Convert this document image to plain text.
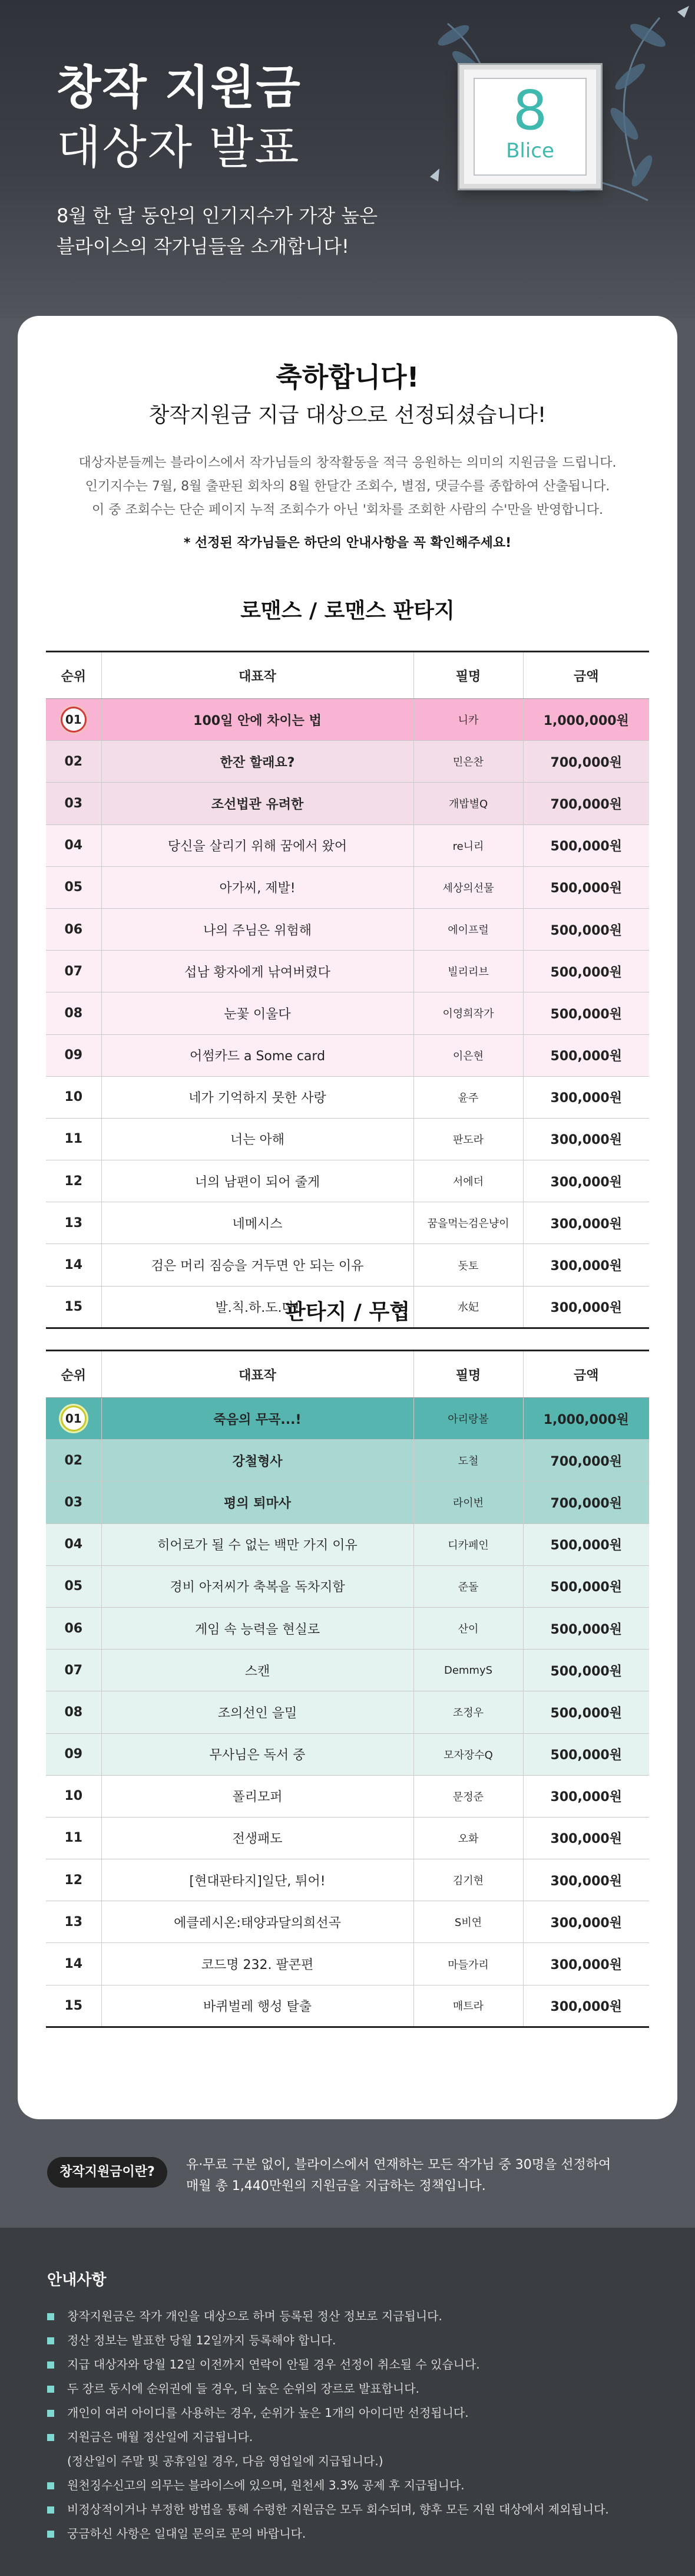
8
Blice
창작 지원금
대상자 발표
8월 한 달 동안의 인기지수가 가장 높은
블라이스의 작가님들을 소개합니다!
축하합니다!
창작지원금 지급 대상으로 선정되셨습니다!
대상자분들께는 블라이스에서 작가님들의 창작활동을 적극 응원하는 의미의 지원금을 드립니다.
인기지수는 7월, 8월 출판된 회차의 8월 한달간 조회수, 별점, 댓글수를 종합하여 산출됩니다.
이 중 조회수는 단순 페이지 누적 조회수가 아닌 '회차를 조회한 사람의 수'만을 반영합니다.
* 선정된 작가님들은 하단의 안내사항을 꼭 확인해주세요!
로맨스 / 로맨스 판타지
순위	대표작	필명	금액
01	100일 안에 차이는 법	니카	1,000,000원
02	한잔 할래요?	민은찬	700,000원
03	조선법관 유려한	개밥별Q	700,000원
04	당신을 살리기 위해 꿈에서 왔어	re니리	500,000원
05	아가씨, 제발!	세상의선물	500,000원
06	나의 주님은 위험해	에이프럴	500,000원
07	섭남 황자에게 낚여버렸다	빌리리브	500,000원
08	눈꽃 이울다	이영희작가	500,000원
09	어썸카드 a Some card	이은현	500,000원
10	네가 기억하지 못한 사랑	윤주	300,000원
11	너는 아해	판도라	300,000원
12	너의 남편이 되어 줄게	서에더	300,000원
13	네메시스	꿈을먹는검은냥이	300,000원
14	검은 머리 짐승을 거두면 안 되는 이유	돗토	300,000원
15	발.칙.하.도.다!	水妃	300,000원
판타지 / 무협
순위	대표작	필명	금액
01	죽음의 무곡...!	아리랑볼	1,000,000원
02	강철형사	도철	700,000원
03	평의 퇴마사	라이번	700,000원
04	히어로가 될 수 없는 백만 가지 이유	디카페인	500,000원
05	경비 아저씨가 축복을 독차지함	준돌	500,000원
06	게임 속 능력을 현실로	산이	500,000원
07	스캔	DemmyS	500,000원
08	조의선인 을밀	조정우	500,000원
09	무사님은 독서 중	모자장수Q	500,000원
10	폴리모퍼	문정준	300,000원
11	전생패도	오화	300,000원
12	[현대판타지]일단, 튀어!	김기현	300,000원
13	에클레시온:태양과달의희선곡	S비연	300,000원
14	코드명 232. 팔콘편	마들가리	300,000원
15	바퀴벌레 행성 탈출	매트라	300,000원
창작지원금이란?	유·무료 구분 없이, 블라이스에서 연재하는 모든 작가님 중 30명을 선정하여
매월 총 1,440만원의 지원금을 지급하는 정책입니다.
안내사항
창작지원금은 작가 개인을 대상으로 하며 등록된 정산 정보로 지급됩니다.
정산 정보는 발표한 당월 12일까지 등록해야 합니다.
지급 대상자와 당월 12일 이전까지 연락이 안될 경우 선정이 취소될 수 있습니다.
두 장르 동시에 순위권에 들 경우, 더 높은 순위의 장르로 발표합니다.
개인이 여러 아이디를 사용하는 경우, 순위가 높은 1개의 아이디만 선정됩니다.
지원금은 매월 정산일에 지급됩니다.
(정산일이 주말 및 공휴일일 경우, 다음 영업일에 지급됩니다.)
원천징수신고의 의무는 블라이스에 있으며, 원천세 3.3% 공제 후 지급됩니다.
비정상적이거나 부정한 방법을 통해 수령한 지원금은 모두 회수되며, 향후 모든 지원 대상에서 제외됩니다.
궁금하신 사항은 일대일 문의로 문의 바랍니다.
